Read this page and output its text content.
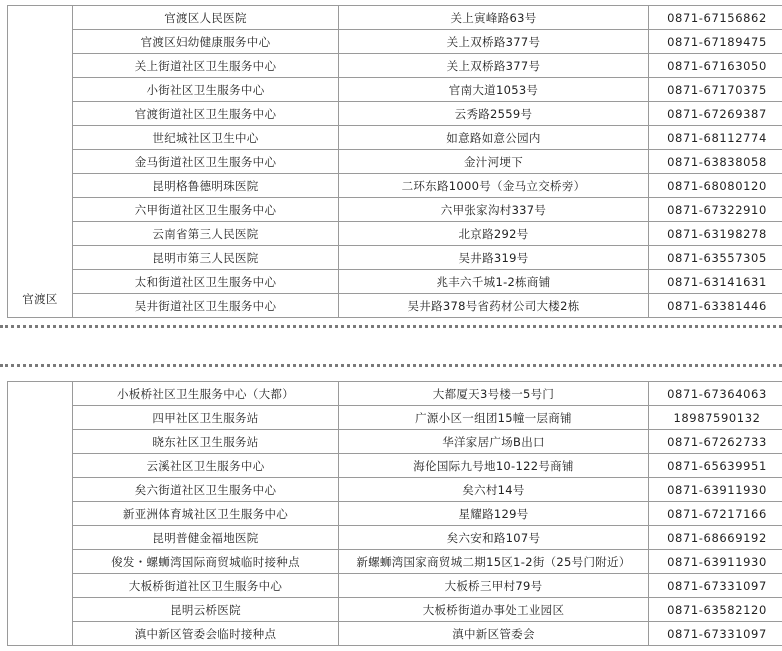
官渡区	官渡区人民医院	关上寅峰路63号	0871-67156862
	官渡区妇幼健康服务中心	关上双桥路377号	0871-67189475
	关上街道社区卫生服务中心	关上双桥路377号	0871-67163050
	小街社区卫生服务中心	官南大道1053号	0871-67170375
	官渡街道社区卫生服务中心	云秀路2559号	0871-67269387
	世纪城社区卫生中心	如意路如意公园内	0871-68112774
	金马街道社区卫生服务中心	金汁河埂下	0871-63838058
	昆明格鲁德明珠医院	二环东路1000号（金马立交桥旁）	0871-68080120
	六甲街道社区卫生服务中心	六甲张家沟村337号	0871-67322910
	云南省第三人民医院	北京路292号	0871-63198278
	昆明市第三人民医院	吴井路319号	0871-63557305
	太和街道社区卫生服务中心	兆丰六千城1-2栋商铺	0871-63141631
	吴井街道社区卫生服务中心	吴井路378号省药材公司大楼2栋	0871-63381446
	小板桥社区卫生服务中心（大都）	大都厦天3号楼一5号门	0871-67364063
	四甲社区卫生服务站	广源小区一组团15幢一层商铺	18987590132
	晓东社区卫生服务站	华洋家居广场B出口	0871-67262733
	云溪社区卫生服务中心	海伦国际九号地10-122号商铺	0871-65639951
	矣六街道社区卫生服务中心	矣六村14号	0871-63911930
	新亚洲体育城社区卫生服务中心	星耀路129号	0871-67217166
	昆明普健金福地医院	矣六安和路107号	0871-68669192
	俊发・螺蛳湾国际商贸城临时接种点	新螺蛳湾国家商贸城二期15区1-2街（25号门附近）	0871-63911930
	大板桥街道社区卫生服务中心	大板桥三甲村79号	0871-67331097
	昆明云桥医院	大板桥街道办事处工业园区	0871-63582120
	滇中新区管委会临时接种点	滇中新区管委会	0871-67331097
